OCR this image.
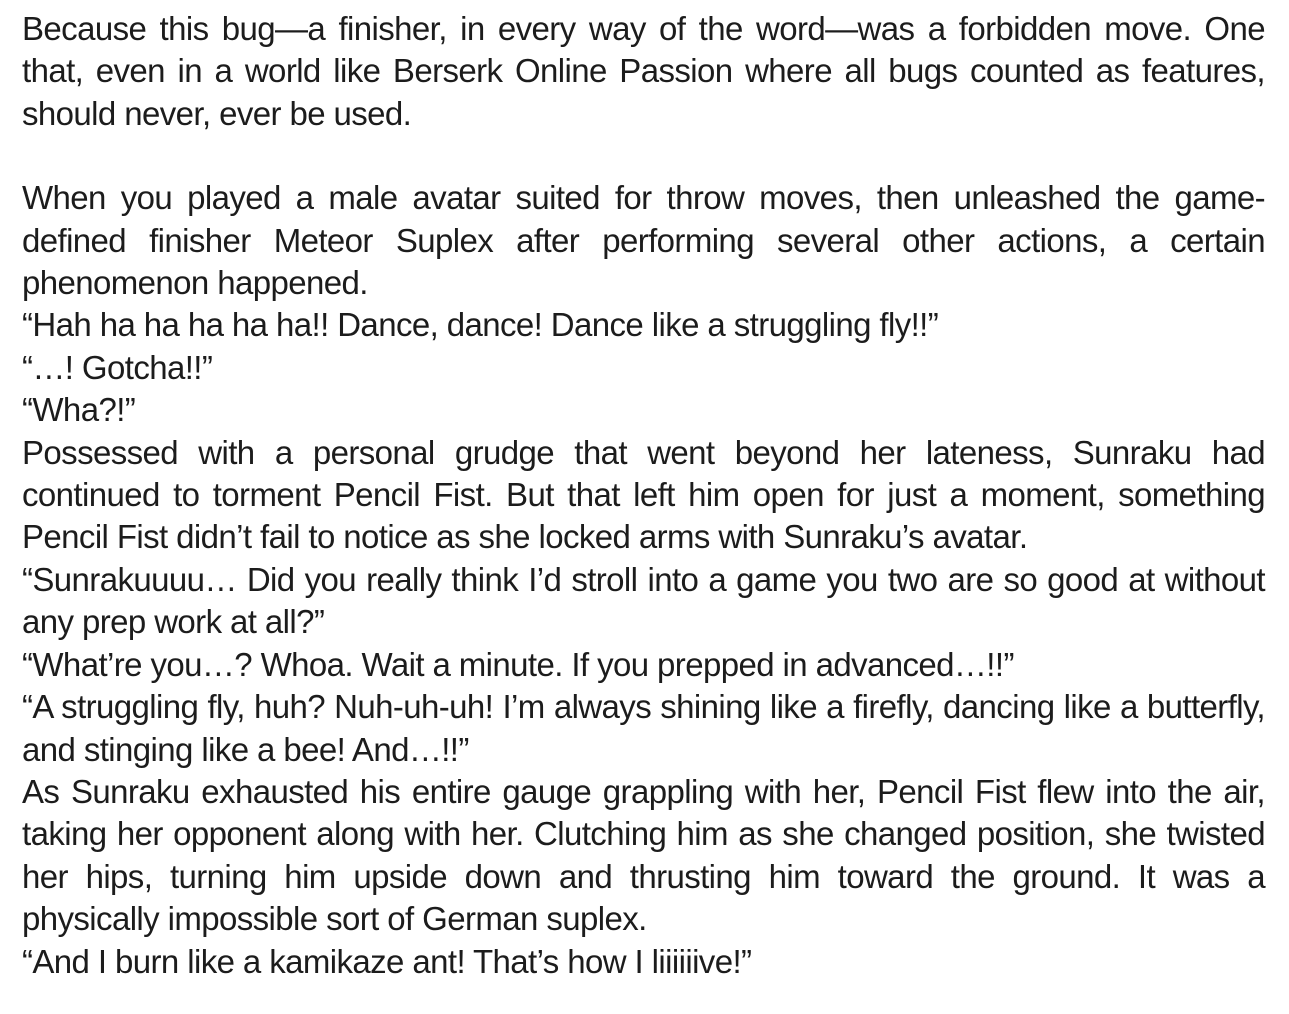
Because this bug—a finisher, in every way of the word—was a forbidden move. One that, even in a world like Berserk Online Passion where all bugs counted as features, should never, ever be used.

When you played a male avatar suited for throw moves, then unleashed the game-defined finisher Meteor Suplex after performing several other actions, a certain phenomenon happened.

“Hah ha ha ha ha ha!! Dance, dance! Dance like a struggling fly!!”

“…! Gotcha!!”

“Wha?!”

Possessed with a personal grudge that went beyond her lateness, Sunraku had continued to torment Pencil Fist. But that left him open for just a moment, something Pencil Fist didn’t fail to notice as she locked arms with Sunraku’s avatar.

“Sunrakuuuu… Did you really think I’d stroll into a game you two are so good at without any prep work at all?”

“What’re you…? Whoa. Wait a minute. If you prepped in advanced…!!”

“A struggling fly, huh? Nuh-uh-uh! I’m always shining like a firefly, dancing like a butterfly, and stinging like a bee! And…!!”

As Sunraku exhausted his entire gauge grappling with her, Pencil Fist flew into the air, taking her opponent along with her. Clutching him as she changed position, she twisted her hips, turning him upside down and thrusting him toward the ground. It was a physically impossible sort of German suplex.

“And I burn like a kamikaze ant! That’s how I liiiiiive!”
